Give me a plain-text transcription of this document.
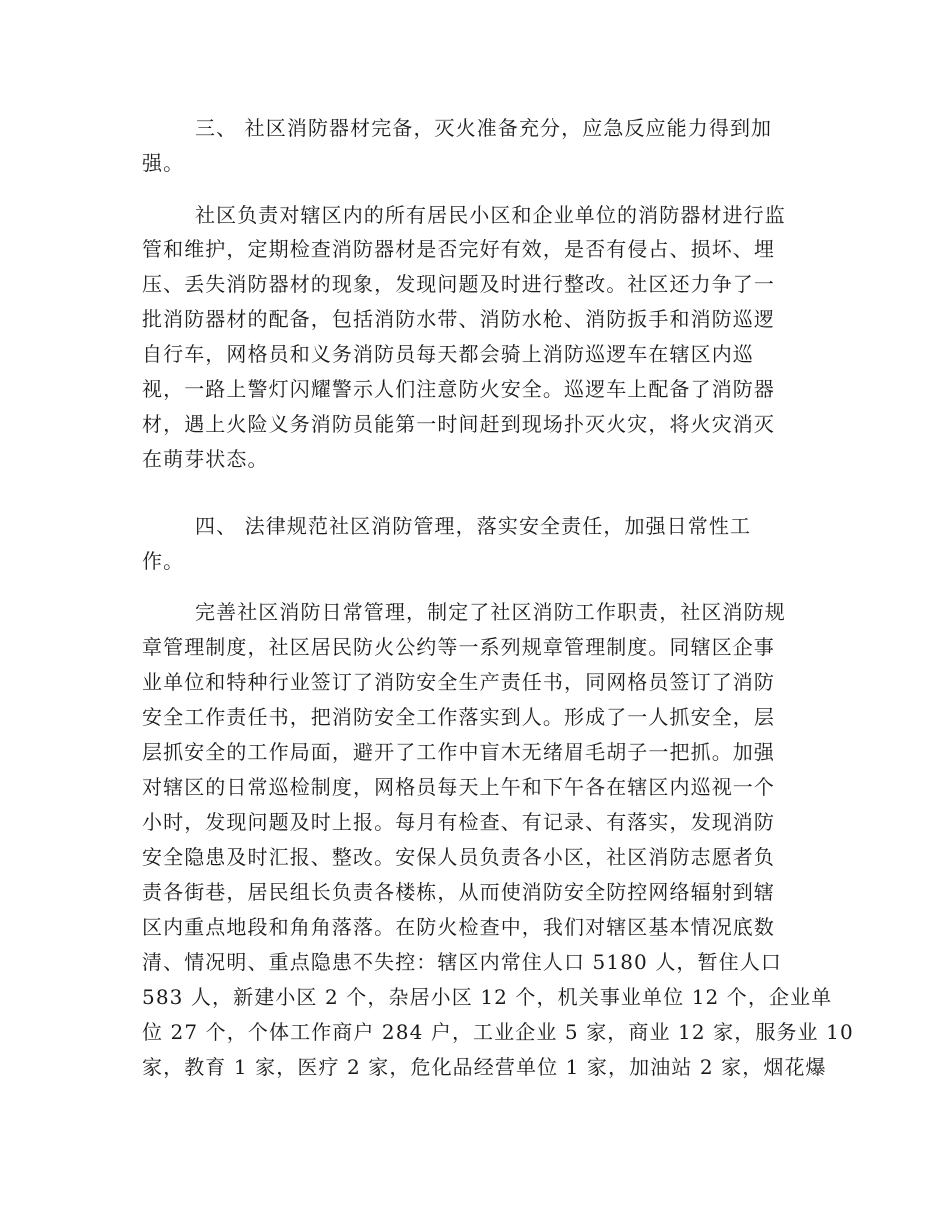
三、 社区消防器材完备，灭火准备充分，应急反应能力得到加
强。
社区负责对辖区内的所有居民小区和企业单位的消防器材进行监
管和维护，定期检查消防器材是否完好有效，是否有侵占、损坏、埋
压、丢失消防器材的现象，发现问题及时进行整改。社区还力争了一
批消防器材的配备，包括消防水带、消防水枪、消防扳手和消防巡逻
自行车，网格员和义务消防员每天都会骑上消防巡逻车在辖区内巡
视，一路上警灯闪耀警示人们注意防火安全。巡逻车上配备了消防器
材，遇上火险义务消防员能第一时间赶到现场扑灭火灾，将火灾消灭
在萌芽状态。
四、 法律规范社区消防管理，落实安全责任，加强日常性工
作。
完善社区消防日常管理，制定了社区消防工作职责，社区消防规
章管理制度，社区居民防火公约等一系列规章管理制度。同辖区企事
业单位和特种行业签订了消防安全生产责任书，同网格员签订了消防
安全工作责任书，把消防安全工作落实到人。形成了一人抓安全，层
层抓安全的工作局面，避开了工作中盲木无绪眉毛胡子一把抓。加强
对辖区的日常巡检制度，网格员每天上午和下午各在辖区内巡视一个
小时，发现问题及时上报。每月有检查、有记录、有落实，发现消防
安全隐患及时汇报、整改。安保人员负责各小区，社区消防志愿者负
责各街巷，居民组长负责各楼栋，从而使消防安全防控网络辐射到辖
区内重点地段和角角落落。在防火检查中，我们对辖区基本情况底数
清、情况明、重点隐患不失控：辖区内常住人口 5180 人，暂住人口
583 人，新建小区 2 个，杂居小区 12 个，机关事业单位 12 个，企业单
位 27 个，个体工作商户 284 户，工业企业 5 家，商业 12 家，服务业 10
家，教育 1 家，医疗 2 家，危化品经营单位 1 家，加油站 2 家，烟花爆
